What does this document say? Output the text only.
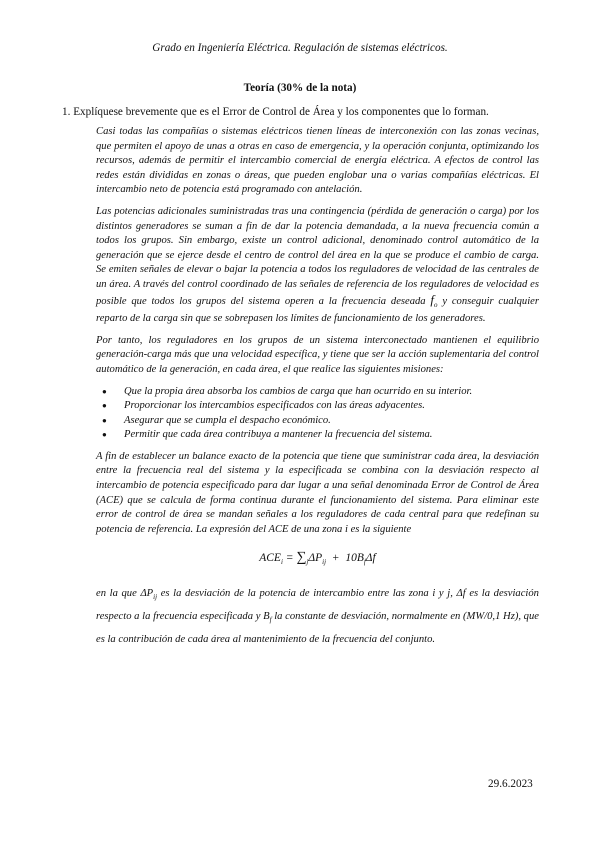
Grado en Ingeniería Eléctrica. Regulación de sistemas eléctricos.
Teoría (30% de la nota)
1. Explíquese brevemente que es el Error de Control de Área y los componentes que lo forman.

Casi todas las compañías o sistemas eléctricos tienen líneas de interconexión con las zonas vecinas, que permiten el apoyo de unas a otras en caso de emergencia, y la operación conjunta, optimizando los recursos, además de permitir el intercambio comercial de energía eléctrica. A efectos de control las redes están divididas en zonas o áreas, que pueden englobar una o varias compañías eléctricas. El intercambio neto de potencia está programado con antelación.

Las potencias adicionales suministradas tras una contingencia (pérdida de generación o carga) por los distintos generadores se suman a fin de dar la potencia demandada, a la nueva frecuencia común a todos los grupos. Sin embargo, existe un control adicional, denominado control automático de la generación que se ejerce desde el centro de control del área en la que se produce el cambio de carga. Se emiten señales de elevar o bajar la potencia a todos los reguladores de velocidad de las centrales de un área. A través del control coordinado de las señales de referencia de los reguladores de velocidad es posible que todos los grupos del sistema operen a la frecuencia deseada $f_o$ y conseguir cualquier reparto de la carga sin que se sobrepasen los límites de funcionamiento de los generadores.

Por tanto, los reguladores en los grupos de un sistema interconectado mantienen el equilibrio generación-carga más que una velocidad específica, y tiene que ser la acción suplementaria del control automático de la generación, en cada área, el que realice las siguientes misiones:

● Que la propia área absorba los cambios de carga que han ocurrido en su interior.
● Proporcionar los intercambios especificados con las áreas adyacentes.
● Asegurar que se cumpla el despacho económico.
● Permitir que cada área contribuya a mantener la frecuencia del sistema.

A fin de establecer un balance exacto de la potencia que tiene que suministrar cada área, la desviación entre la frecuencia real del sistema y la especificada se combina con la desviación respecto al intercambio de potencia especificado para dar lugar a una señal denominada Error de Control de Área (ACE) que se calcula de forma continua durante el funcionamiento del sistema. Para eliminar este error de control de área se mandan señales a los reguladores de cada central para que redefinan su potencia de referencia. La expresión del ACE de una zona i es la siguiente

$ACE_i = \sum_j\Delta P_{ij} + 10B_f\Delta f$

en la que $\Delta P_{ij}$ es la desviación de la potencia de intercambio entre las zona i y j, Δf es la desviación respecto a la frecuencia especificada y $B_f$ la constante de desviación, normalmente en (MW/0,1 Hz), que es la contribución de cada área al mantenimiento de la frecuencia del conjunto.

29.6.2023
